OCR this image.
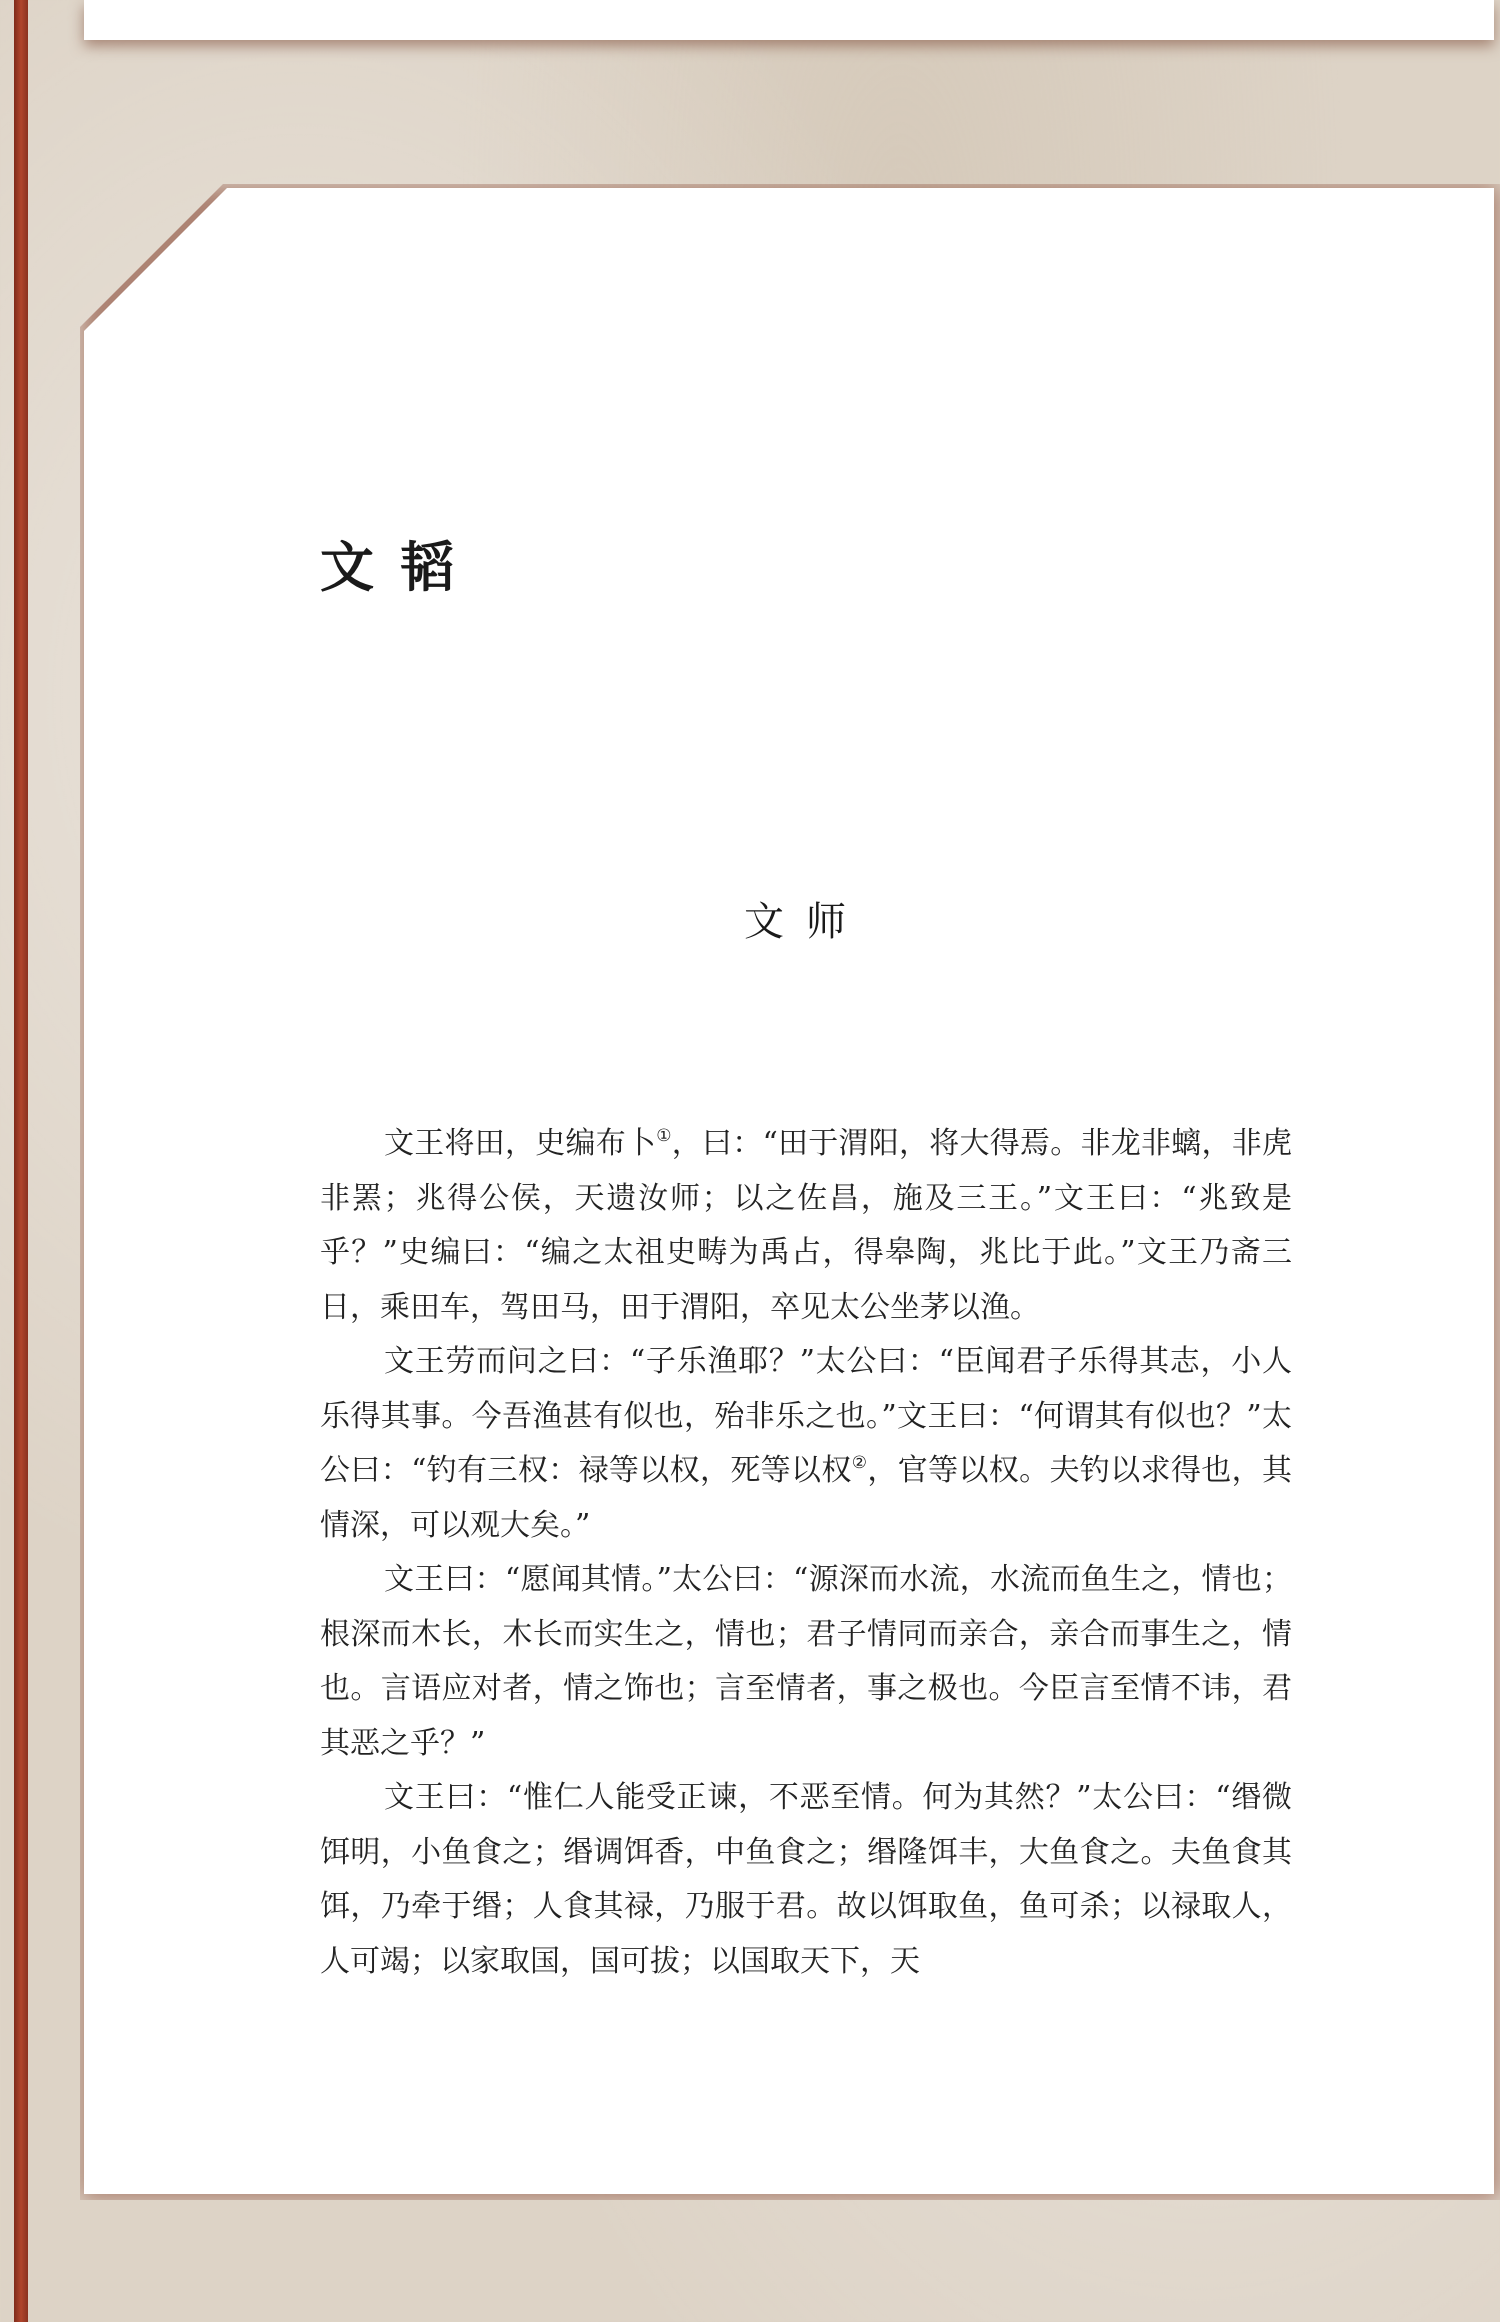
文韬
文师

文王将田，史编布卜①，曰：“田于渭阳，将大得焉。非龙非螭，非虎非罴；兆得公侯，天遗汝师；以之佐昌，施及三王。”文王曰：“兆致是乎？”史编曰：“编之太祖史畴为禹占，得皋陶，兆比于此。”文王乃斋三日，乘田车，驾田马，田于渭阳，卒见太公坐茅以渔。

文王劳而问之曰：“子乐渔耶？”太公曰：“臣闻君子乐得其志，小人乐得其事。今吾渔甚有似也，殆非乐之也。”文王曰：“何谓其有似也？”太公曰：“钓有三权：禄等以权，死等以权②，官等以权。夫钓以求得也，其情深，可以观大矣。”

文王曰：“愿闻其情。”太公曰：“源深而水流，水流而鱼生之，情也；根深而木长，木长而实生之，情也；君子情同而亲合，亲合而事生之，情也。言语应对者，情之饰也；言至情者，事之极也。今臣言至情不讳，君其恶之乎？”

文王曰：“惟仁人能受正谏，不恶至情。何为其然？”太公曰：“缗微饵明，小鱼食之；缗调饵香，中鱼食之；缗隆饵丰，大鱼食之。夫鱼食其饵，乃牵于缗；人食其禄，乃服于君。故以饵取鱼，鱼可杀；以禄取人，人可竭；以家取国，国可拔；以国取天下，天
